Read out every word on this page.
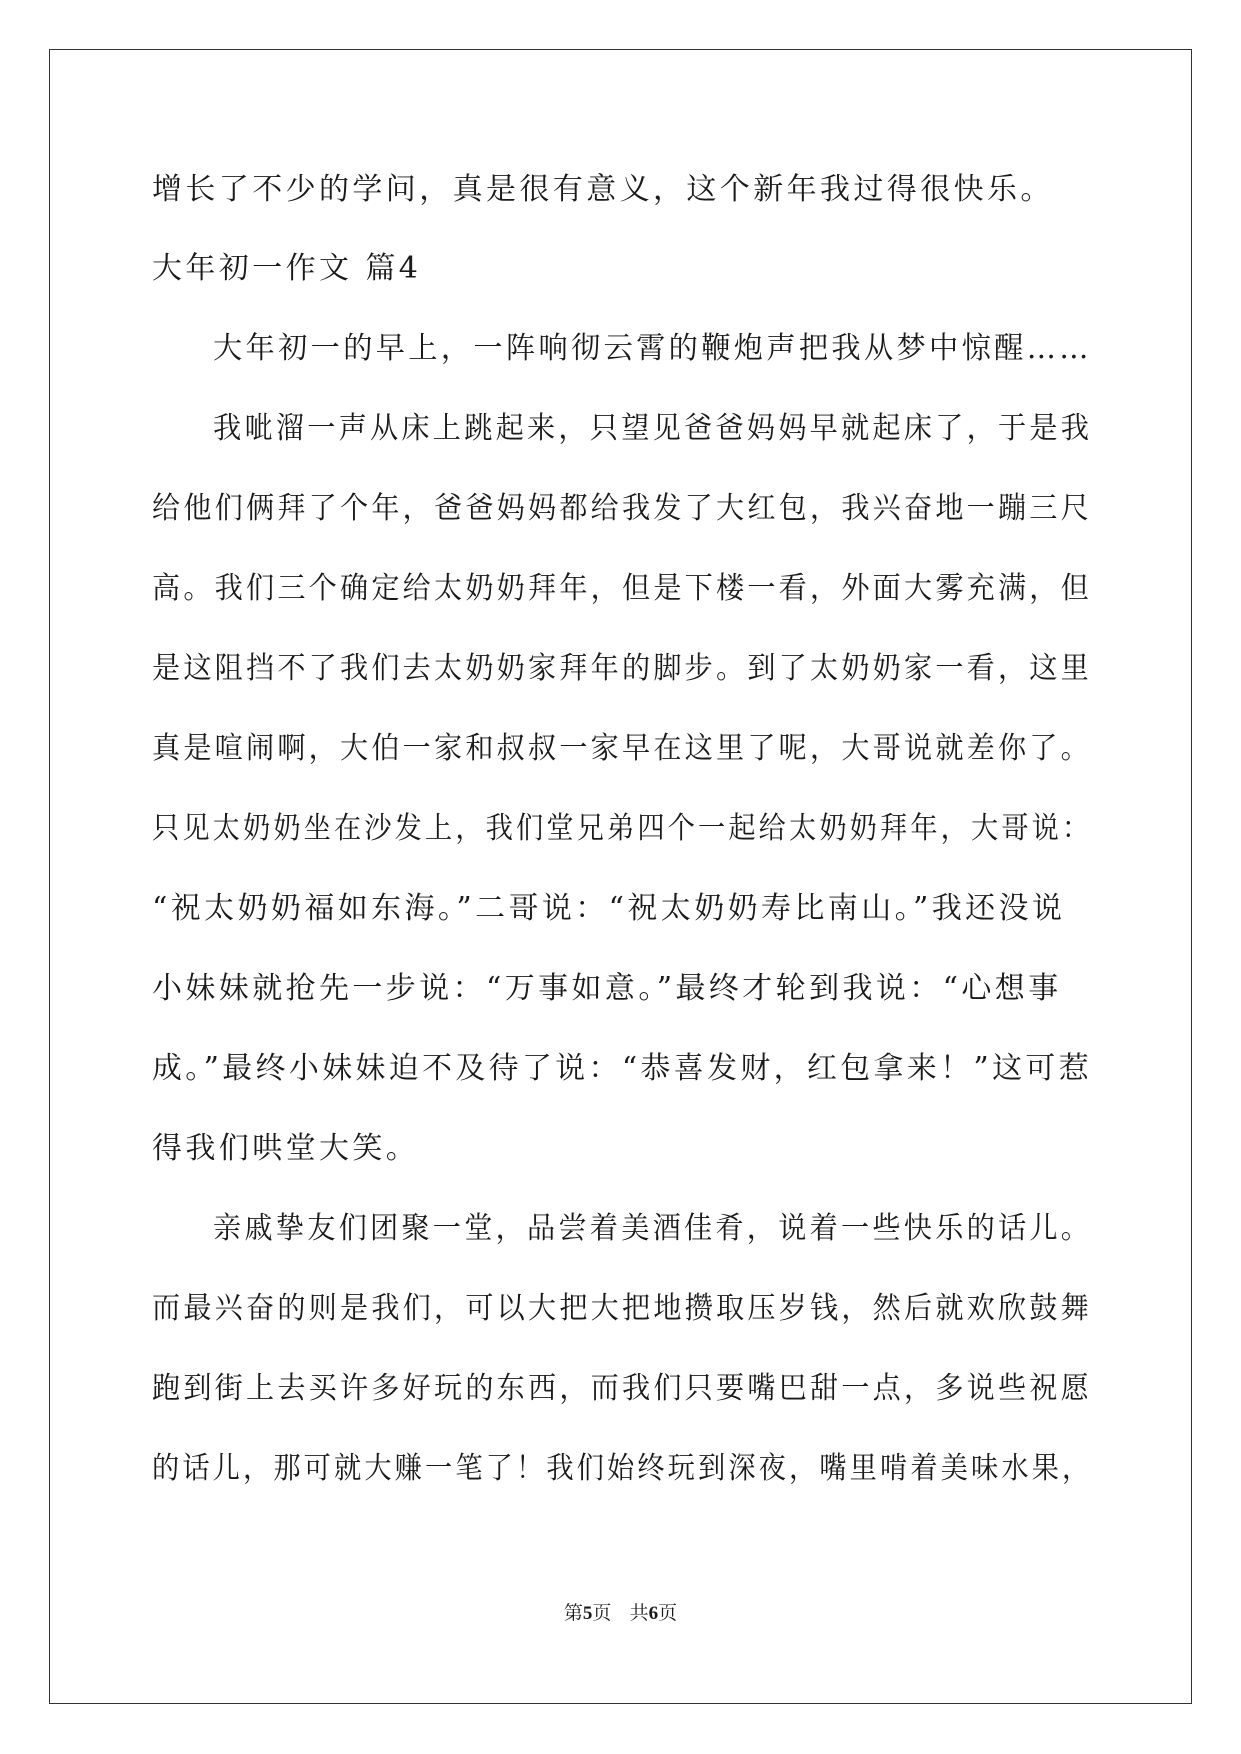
增长了不少的学问，真是很有意义，这个新年我过得很快乐。
大年初一作文 篇4
大年初一的早上，一阵响彻云霄的鞭炮声把我从梦中惊醒……
我呲溜一声从床上跳起来，只望见爸爸妈妈早就起床了，于是我
给他们俩拜了个年，爸爸妈妈都给我发了大红包，我兴奋地一蹦三尺
高。我们三个确定给太奶奶拜年，但是下楼一看，外面大雾充满，但
是这阻挡不了我们去太奶奶家拜年的脚步。到了太奶奶家一看，这里
真是喧闹啊，大伯一家和叔叔一家早在这里了呢，大哥说就差你了。
只见太奶奶坐在沙发上，我们堂兄弟四个一起给太奶奶拜年，大哥说：
“祝太奶奶福如东海。”二哥说：“祝太奶奶寿比南山。”我还没说
小妹妹就抢先一步说：“万事如意。”最终才轮到我说：“心想事
成。”最终小妹妹迫不及待了说：“恭喜发财，红包拿来！”这可惹
得我们哄堂大笑。
亲戚挚友们团聚一堂，品尝着美酒佳肴，说着一些快乐的话儿。
而最兴奋的则是我们，可以大把大把地攒取压岁钱，然后就欢欣鼓舞
跑到街上去买许多好玩的东西，而我们只要嘴巴甜一点，多说些祝愿
的话儿，那可就大赚一笔了！我们始终玩到深夜，嘴里啃着美味水果，
第5页 共6页
